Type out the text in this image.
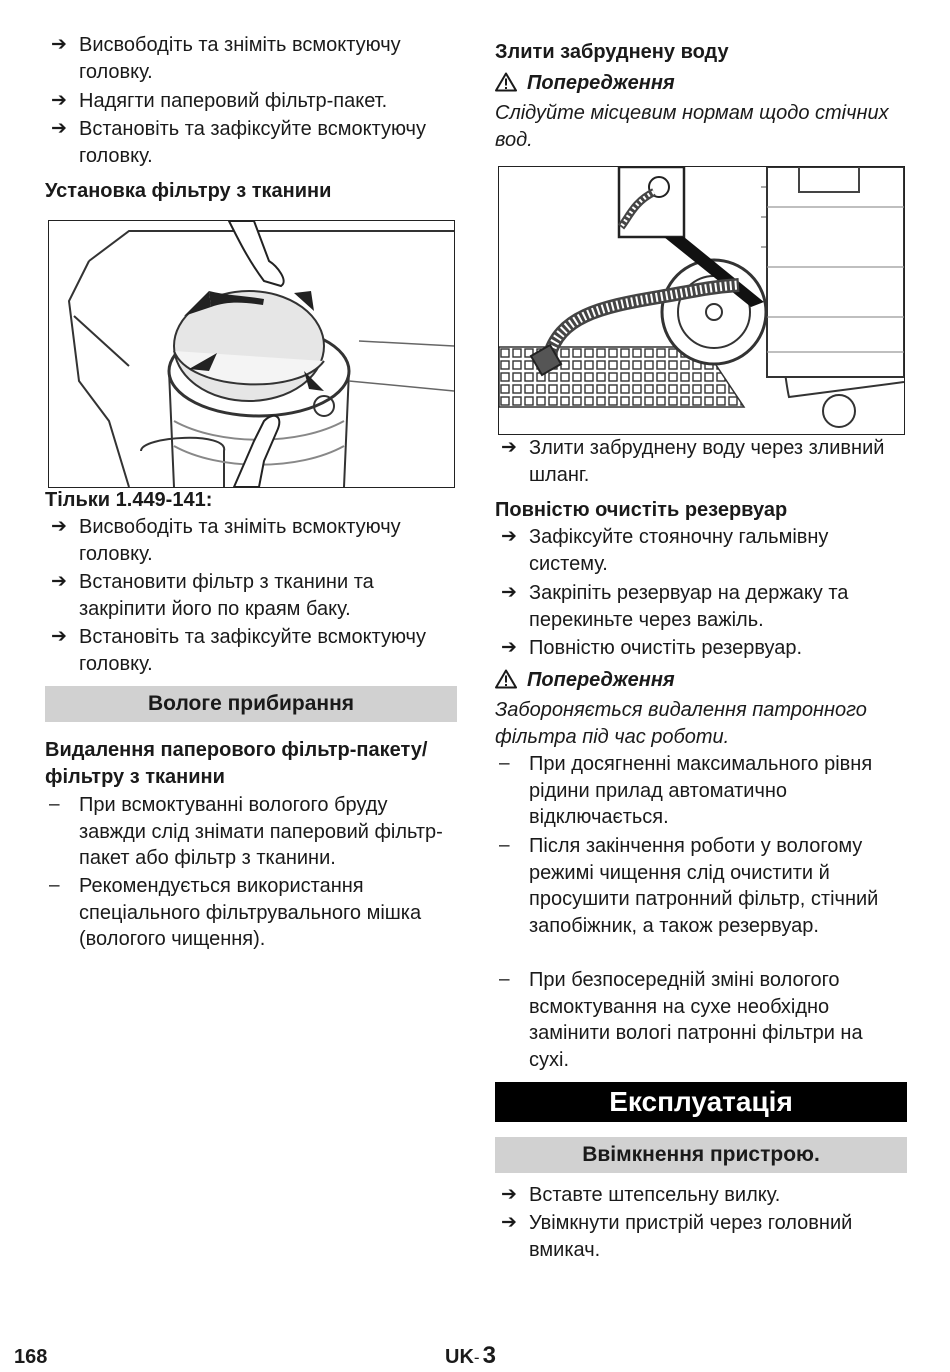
➔ Висвободіть та зніміть всмоктуючу головку.
➔ Надягти паперовий фільтр-пакет.
➔ Встановіть та зафіксуйте всмоктуючу головку.
Установка фільтру з тканини
Тільки 1.449-141:
➔ Висвободіть та зніміть всмоктуючу головку.
➔ Встановити фільтр з тканини та закріпити його по краям баку.
➔ Встановіть та зафіксуйте всмоктуючу головку.
Вологе прибирання
Видалення паперового фільтр-пакету/фільтру з тканини
– При всмоктуванні вологого бруду завжди слід знімати паперовий фільтр-пакет або фільтр з тканини.
– Рекомендується використання спеціального фільтрувального мішка (вологого чищення).
Злити забруднену воду
Попередження
Слідуйте місцевим нормам щодо стічних вод.
➔ Злити забруднену воду через зливний шланг.
Повністю очистіть резервуар
➔ Зафіксуйте стояночну гальмівну систему.
➔ Закріпіть резервуар на держаку та перекиньте через важіль.
➔ Повністю очистіть резервуар.
Попередження
Забороняється видалення патронного фільтра під час роботи.
– При досягненні максимального рівня рідини прилад автоматично відключається.
– Після закінчення роботи у вологому режимі чищення слід очистити й просушити патронний фільтр, стічний запобіжник, а також резервуар.
– При безпосередній зміні вологого всмоктування на сухе необхідно замінити вологі патронні фільтри на сухі.
Експлуатація
Ввімкнення пристрою.
➔ Вставте штепсельну вилку.
➔ Увімкнути пристрій через головний вмикач.
168	UK- 3
